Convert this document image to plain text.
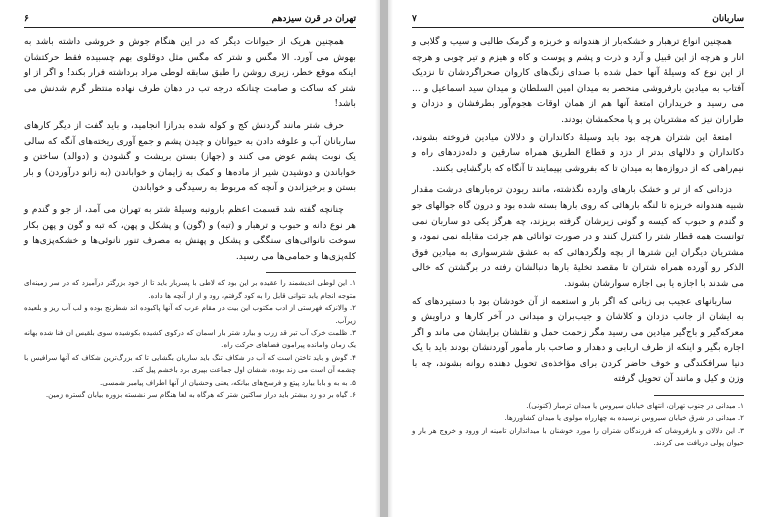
۶	تهران در قرن سیزدهم

همچنین هریک از حیوانات دیگر که در این هنگام جوش و خروشی داشته باشد به بهوش می آورد. الا مگس و شتر که مگس مثل دوقلوی بهم چسبیده فقط حرکتشان اینکه موقع خطر، زیری روشن را طبق سابقه لوطی مراد برداشته فرار بکند! و اگر از او شتر که ساکت و صامت چنانکه درجه تب در دهان طرف نهاده منتظر گرم شدنش می باشد!

حرف شتر مانند گردنش کج و کوله شده بدرازا انجامید، و باید گفت از دیگر کارهای ساربانان آب و علوفه دادن به حیوانان و چیدن پشم و جمع آوری ریخته‌های آنگه که سالی یک نوبت پشم عوض می کنند و (جهاز) بستن بریشت و گشودن و (دوالد) ساختن و خواباندن و دوشیدن شیر از ماده‌ها و کمک به زایمان و خواباندن (به زانو درآوردن) و بار بستن و برخیزاندن و آنچه که مربوط به رسیدگی و خواباندن

چنانچه گفته شد قسمت اعظم بارونبه وسیلهٔ شتر به تهران می آمد، از جو و گندم و هر نوع دانه و حبوب و ترهبار و (تبه) و (گون) و پشکل و پهن، که تبه و گون و پهن بکار سوخت نانوائی‌های سنگگی و پشکل و پهنش به مصرف تنور نانوئی‌ها و خشکه‌پزی‌ها و کله‌پزی‌ها و حمامی‌ها می رسید.

۱. این لوطی اندیشمند را عقیده بر این بود که لاطی با پسربار باید تا از خود بزرگتر درآمیزد که در سر زمینه‌ای متوجه انجام یابد نتوانی قابل را به کود گرفتم، رود و از از آنچه ها داده.

۲. والانزکه فهرستی از ادب مکتوب این بیت در مقام عرب که آنها پاکبوده اند شطرنج بوده و لب آب ریز و بلعیده زیرآب.

۳. ظلمت خرک آب تبر قد زرب و بیارد شتر بار اسمان که درکوی کشیده بکوشیده سوی بلقیس ان فنا شده بهانه یک زمان وامانده پیرامون فضاهای حرکت راه.

۴. گوش و باید تاختن است که آب در شکاف تنگ باید ساریان بگشایی تا که بزرگ‌ترین شکاف که آنها سرافیس با چشمه آن است می زند بوده، ششان اول جماعت بپیری برد باخشم پیل کند.

۵. به به و بابا بیارد پیتع و فرسخ‌های بیانکه، یعنی وحشیان از آنها اطراف پیامبر شمسی.

۶. گیاه بر دو زد بیشتر باید دراز ساکنین شتر که هرگاه به لعا هنگام سر نشسته بزوره بیابان گستره زمین.

۷	ساربانان

همچنین انواع ترهبار و خشکه‌بار از هندوانه و خربزه و گرمک طالبی و سیب و گلابی و انار و هرچه از این قبیل و آرد و ذرت و پشم و پوست و کاه و هیزم و تیر چوبی و هرچه از این نوع که وسیلهٔ آنها حمل شده با صدای زنگ‌های کاروان صحراگردشان تا نزدیک آفتاب به میادین بارفروشی منحصر به میدان امین السلطان و میدان سید اسماعیل و ... می رسید و خریداران امتعهٔ آنها هم از همان اوقات هجوم‌آور بطرفشان و دزدان و طراران نیز که مشتریان پر و پا محکمشان بودند.

امتعهٔ این شتران هرچه بود باید وسیلهٔ دکانداران و دلالان میادین فروخته بشوند، دکانداران و دلالهای بدتر از دزد و قطاع الطریق همراه سارقین و دله‌دزدهای راه و نیم‌راهی که از دروازه‌ها به میدان تا که بفروشی بپیمایند تا آنگاه که بارگشایی بکنند.

دزدانی که از تر و خشک بارهای وارده نگذشته، مانند ربودن تره‌بارهای درشت مقدار شبیه هندوانه خربزه تا لنگه بارهائی که روی بارها بسته شده بود و درون گاه جوالهای جو و گندم و حبوب که کیسه و گونی زیرشان گرفته بریزند، چه هرگز یکی دو ساربان نمی توانست همه قطار شتر را کنترل کنند و در صورت توانائی هم جرئت مقابله نمی نمود، و مشتریان دیگران این شترها از بچه ولگردهائی که به عشق شترسواری به میادین فوق الذکر رو آورده همراه شتران تا مقصد تخلیهٔ بارها دنبالشان رفته در برگشتن که خالی می شدند با اجازه یا بی اجازه سوارشان بشوند.

ساربانهای عجیب بی زبانی که اگر بار و استعمه از آن خودشان بود با دستیردهای که به ایشان از جانب دزدان و کلاشان و جیب‌بران و میدانی در آخر کارها و دراویش و معرکه‌گیر و باج‌گیر میادین می رسید مگر زحمت حمل و نقلشان برایشان می ماند و اگر اجاره بگیر و اینکه از طرف اربابی و دهدار و صاحب بار مأمور آوردنشان بودند باید با یک دنیا سرافکندگی و خوف حاضر کردن برای مؤاخذه‌ی تحویل دهنده روانه بشوند، چه با وزن و کیل و مانند آن تحویل گرفته

۱. میدانی در جنوب تهران، انتهای خیابان سیروس یا میدان ترمبار (کنونی).

۲. میدانی در شرق خیابان سیروس نرسیده به چهارراه مولوی یا میدان کشاورزها.

۳. این دلالان و بارفروشان که فرزندگان شتران را مورد خوشنان با میدانداران تامینه از ورود و خروج هر بار و حیوان پولی دریافت می کردند.
